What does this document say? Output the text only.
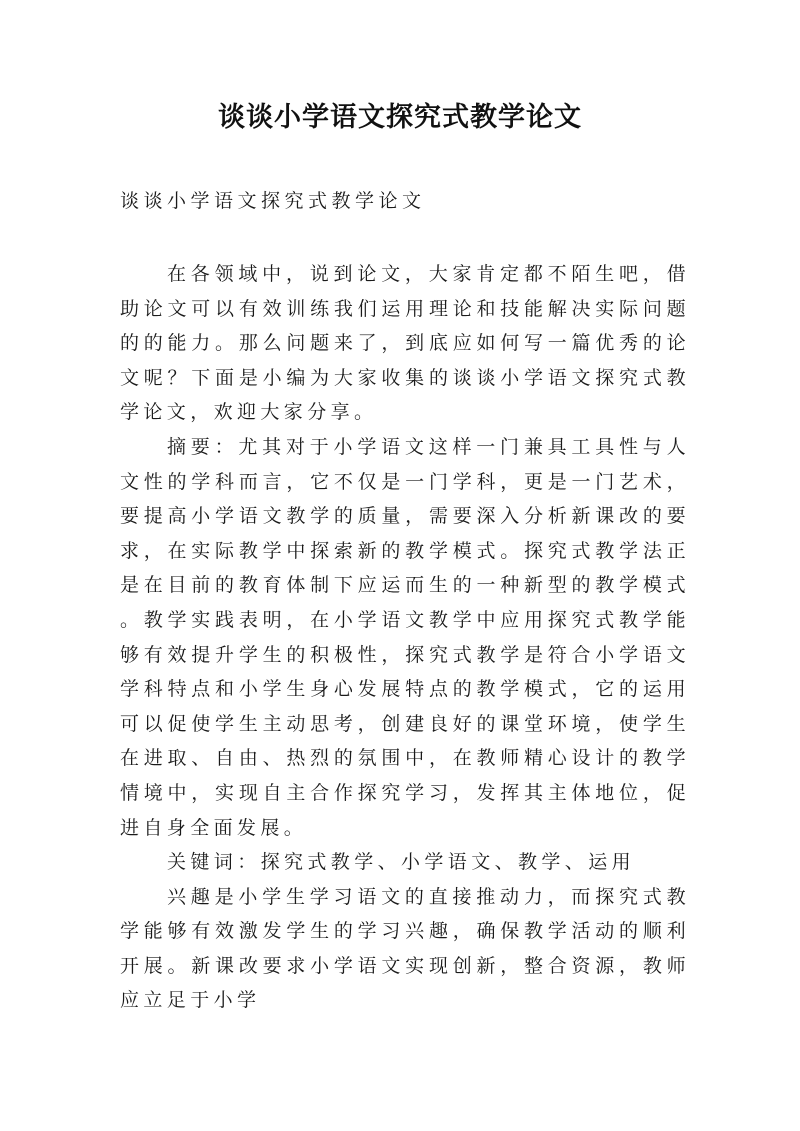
谈谈小学语文探究式教学论文

谈谈小学语文探究式教学论文

在各领域中，说到论文，大家肯定都不陌生吧，借助论文可以有效训练我们运用理论和技能解决实际问题的的能力。那么问题来了，到底应如何写一篇优秀的论文呢？下面是小编为大家收集的谈谈小学语文探究式教学论文，欢迎大家分享。

摘要：尤其对于小学语文这样一门兼具工具性与人文性的学科而言，它不仅是一门学科，更是一门艺术，要提高小学语文教学的质量，需要深入分析新课改的要求，在实际教学中探索新的教学模式。探究式教学法正是在目前的教育体制下应运而生的一种新型的教学模式。教学实践表明，在小学语文教学中应用探究式教学能够有效提升学生的积极性，探究式教学是符合小学语文学科特点和小学生身心发展特点的教学模式，它的运用可以促使学生主动思考，创建良好的课堂环境，使学生在进取、自由、热烈的氛围中，在教师精心设计的教学情境中，实现自主合作探究学习，发挥其主体地位，促进自身全面发展。

关键词：探究式教学、小学语文、教学、运用

兴趣是小学生学习语文的直接推动力，而探究式教学能够有效激发学生的学习兴趣，确保教学活动的顺利开展。新课改要求小学语文实现创新，整合资源，教师应立足于小学
